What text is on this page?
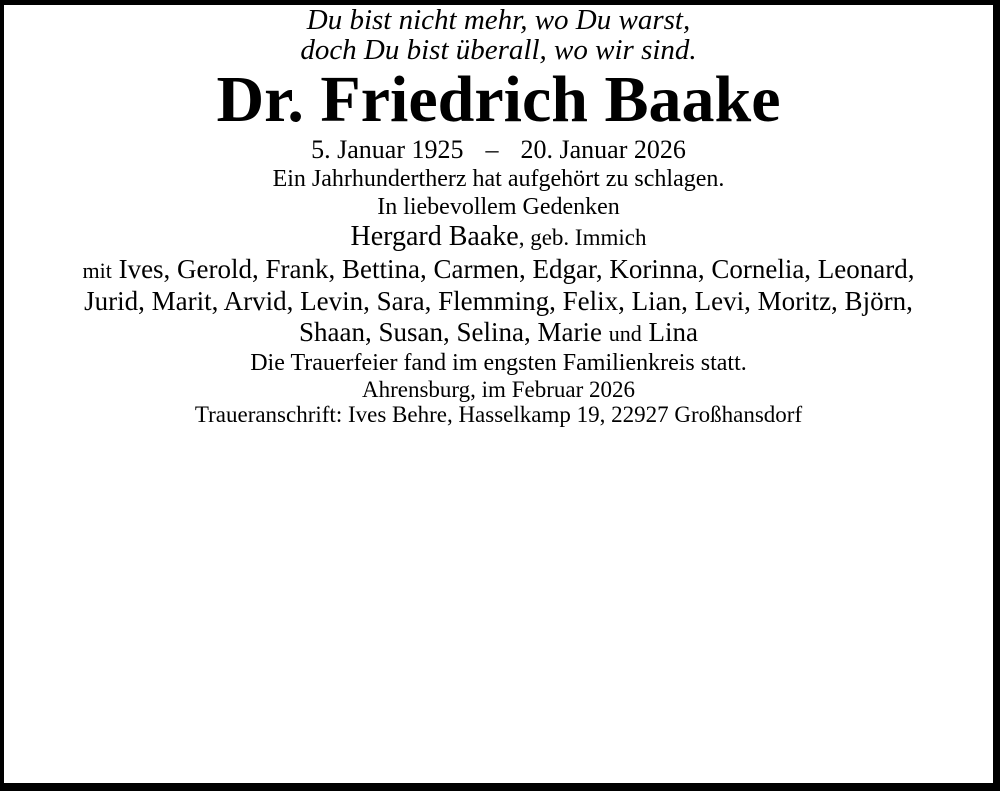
Du bist nicht mehr, wo Du warst,
doch Du bist überall, wo wir sind.
Dr. Friedrich Baake
5. Januar 1925 – 20. Januar 2026

Ein Jahrhundertherz hat aufgehört zu schlagen.

In liebevollem Gedenken

Hergard Baake, geb. Immich

mit Ives, Gerold, Frank, Bettina, Carmen, Edgar, Korinna, Cornelia, Leonard,
Jurid, Marit, Arvid, Levin, Sara, Flemming, Felix, Lian, Levi, Moritz, Björn,
Shaan, Susan, Selina, Marie und Lina

Die Trauerfeier fand im engsten Familienkreis statt.

Ahrensburg, im Februar 2026
Traueranschrift: Ives Behre, Hasselkamp 19, 22927 Großhansdorf
